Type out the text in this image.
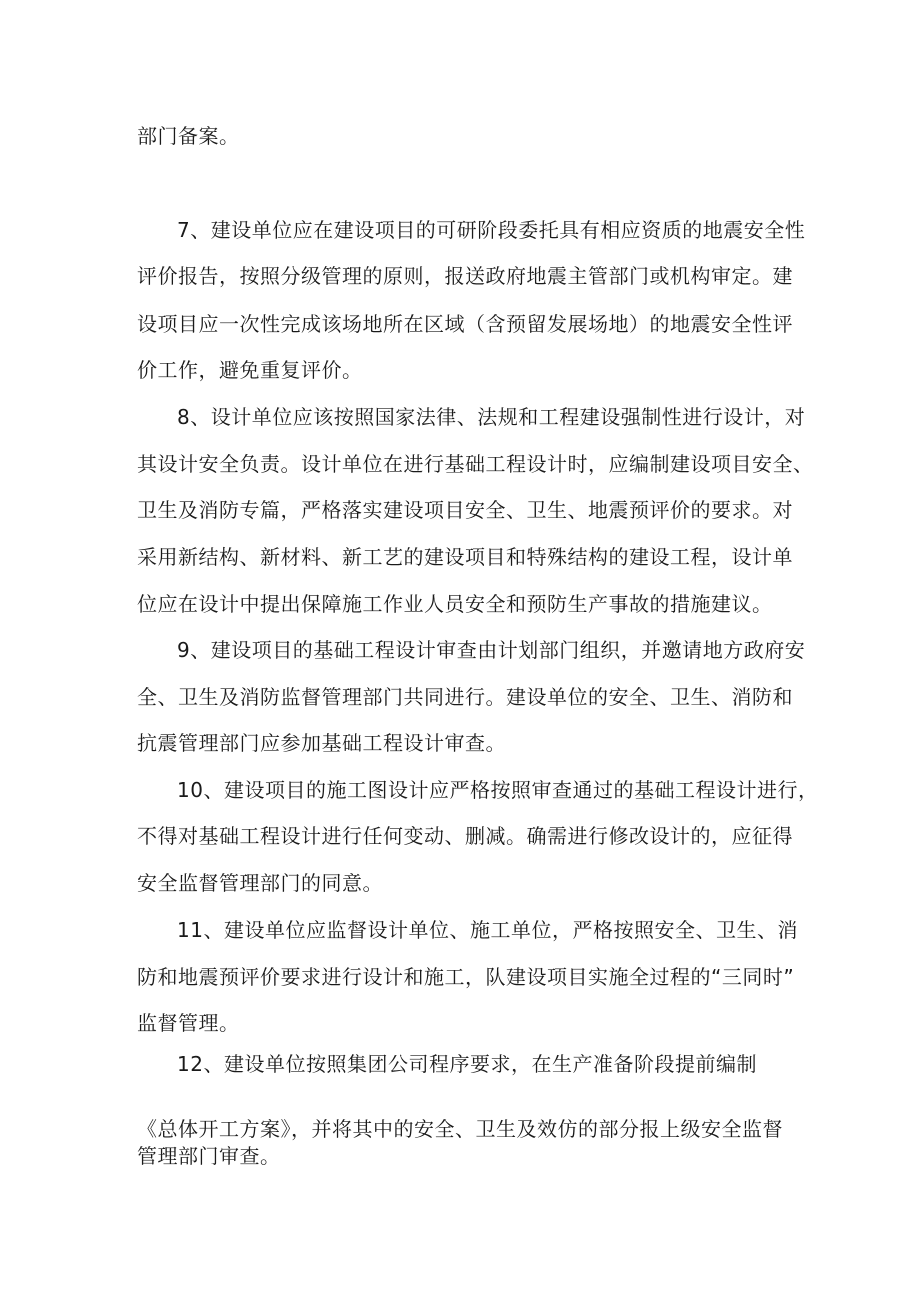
部门备案。
7、建设单位应在建设项目的可研阶段委托具有相应资质的地震安全性
评价报告，按照分级管理的原则，报送政府地震主管部门或机构审定。建
设项目应一次性完成该场地所在区域（含预留发展场地）的地震安全性评
价工作，避免重复评价。
8、设计单位应该按照国家法律、法规和工程建设强制性进行设计，对
其设计安全负责。设计单位在进行基础工程设计时，应编制建设项目安全、
卫生及消防专篇，严格落实建设项目安全、卫生、地震预评价的要求。对
采用新结构、新材料、新工艺的建设项目和特殊结构的建设工程，设计单
位应在设计中提出保障施工作业人员安全和预防生产事故的措施建议。
9、建设项目的基础工程设计审查由计划部门组织，并邀请地方政府安
全、卫生及消防监督管理部门共同进行。建设单位的安全、卫生、消防和
抗震管理部门应参加基础工程设计审查。
10、建设项目的施工图设计应严格按照审查通过的基础工程设计进行，
不得对基础工程设计进行任何变动、删减。确需进行修改设计的，应征得
安全监督管理部门的同意。
11、建设单位应监督设计单位、施工单位，严格按照安全、卫生、消
防和地震预评价要求进行设计和施工，队建设项目实施全过程的“三同时”
监督管理。
12、建设单位按照集团公司程序要求，在生产准备阶段提前编制
《总体开工方案》，并将其中的安全、卫生及效仿的部分报上级安全监督
管理部门审查。
